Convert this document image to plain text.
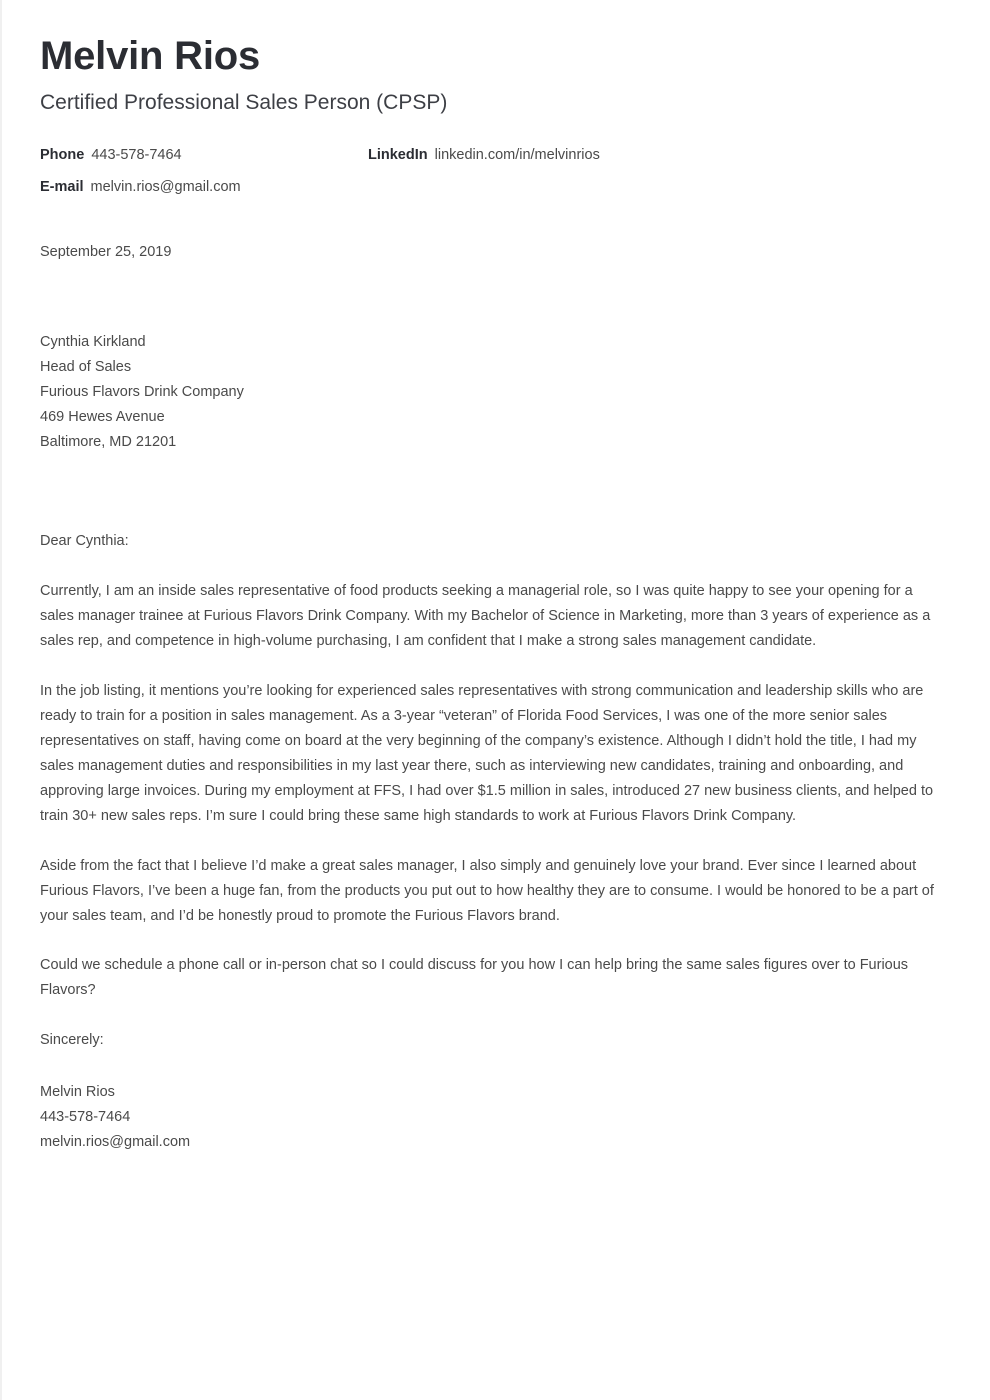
Melvin Rios
Certified Professional Sales Person (CPSP)
Phone 443-578-7464	LinkedIn linkedin.com/in/melvinrios
E-mail melvin.rios@gmail.com
September 25, 2019
Cynthia Kirkland
Head of Sales
Furious Flavors Drink Company
469 Hewes Avenue
Baltimore, MD 21201
Dear Cynthia:

Currently, I am an inside sales representative of food products seeking a managerial role, so I was quite happy to see your opening for a sales manager trainee at Furious Flavors Drink Company. With my Bachelor of Science in Marketing, more than 3 years of experience as a sales rep, and competence in high-volume purchasing, I am confident that I make a strong sales management candidate.

In the job listing, it mentions you’re looking for experienced sales representatives with strong communication and leadership skills who are ready to train for a position in sales management. As a 3-year “veteran” of Florida Food Services, I was one of the more senior sales representatives on staff, having come on board at the very beginning of the company’s existence. Although I didn’t hold the title, I had my sales management duties and responsibilities in my last year there, such as interviewing new candidates, training and onboarding, and approving large invoices. During my employment at FFS, I had over $1.5 million in sales, introduced 27 new business clients, and helped to train 30+ new sales reps. I’m sure I could bring these same high standards to work at Furious Flavors Drink Company.

Aside from the fact that I believe I’d make a great sales manager, I also simply and genuinely love your brand. Ever since I learned about Furious Flavors, I’ve been a huge fan, from the products you put out to how healthy they are to consume. I would be honored to be a part of your sales team, and I’d be honestly proud to promote the Furious Flavors brand.

Could we schedule a phone call or in-person chat so I could discuss for you how I can help bring the same sales figures over to Furious Flavors?

Sincerely:
Melvin Rios
443-578-7464
melvin.rios@gmail.com
